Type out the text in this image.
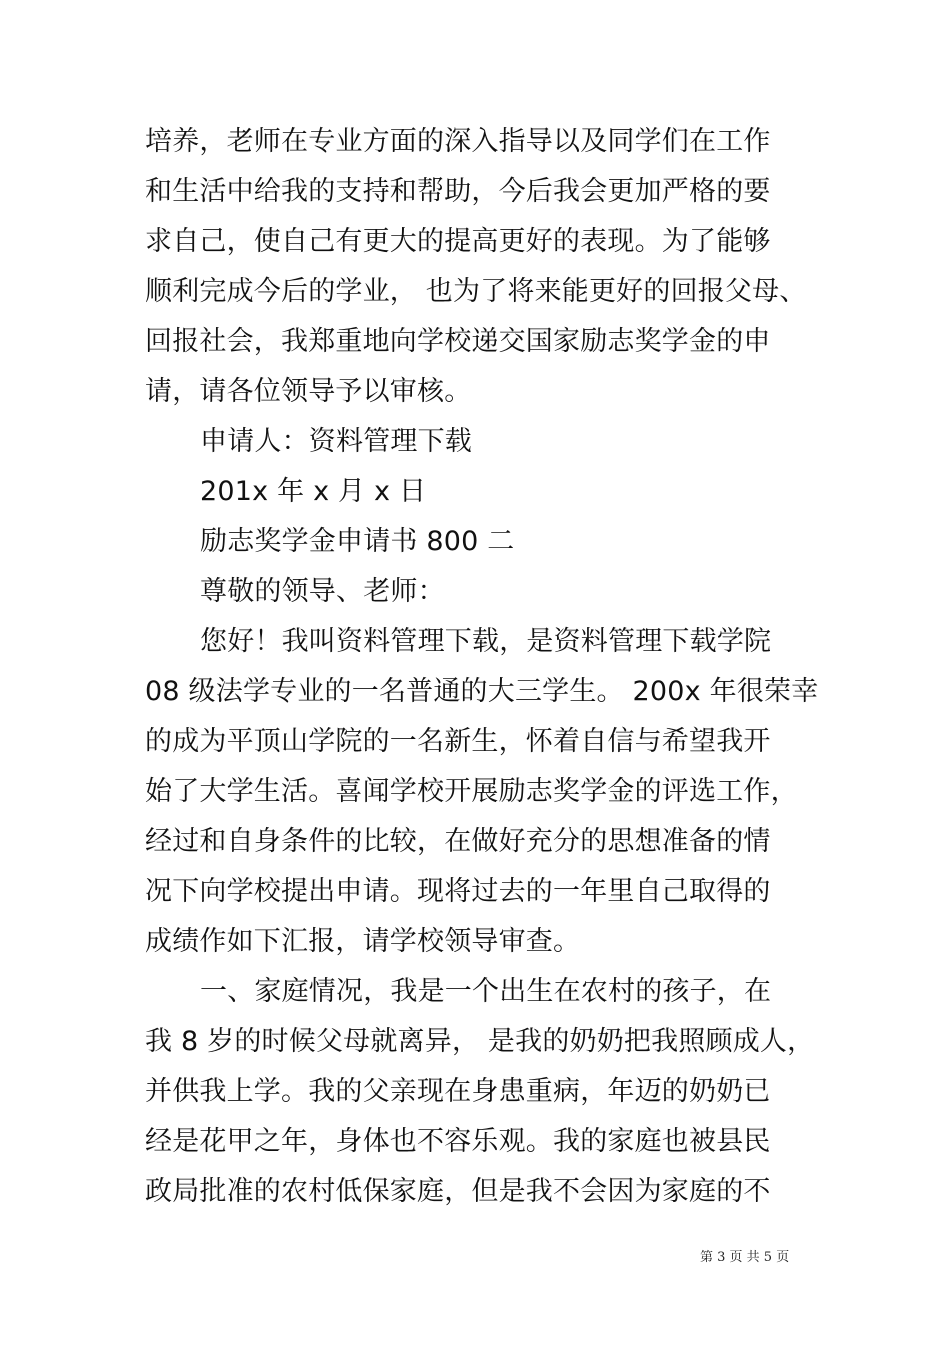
培养，老师在专业方面的深入指导以及同学们在工作

和生活中给我的支持和帮助，今后我会更加严格的要

求自己，使自己有更大的提高更好的表现。为了能够

顺利完成今后的学业， 也为了将来能更好的回报父母、

回报社会，我郑重地向学校递交国家励志奖学金的申

请，请各位领导予以审核。

申请人：资料管理下载

201x 年 x 月 x 日

励志奖学金申请书 800 二

尊敬的领导、老师：

您好！我叫资料管理下载，是资料管理下载学院

08 级法学专业的一名普通的大三学生。 200x 年很荣幸

的成为平顶山学院的一名新生，怀着自信与希望我开

始了大学生活。喜闻学校开展励志奖学金的评选工作，

经过和自身条件的比较，在做好充分的思想准备的情

况下向学校提出申请。现将过去的一年里自己取得的

成绩作如下汇报，请学校领导审查。

一、家庭情况，我是一个出生在农村的孩子，在

我 8 岁的时候父母就离异， 是我的奶奶把我照顾成人，

并供我上学。我的父亲现在身患重病，年迈的奶奶已

经是花甲之年，身体也不容乐观。我的家庭也被县民

政局批准的农村低保家庭，但是我不会因为家庭的不

第 3 页 共 5 页
